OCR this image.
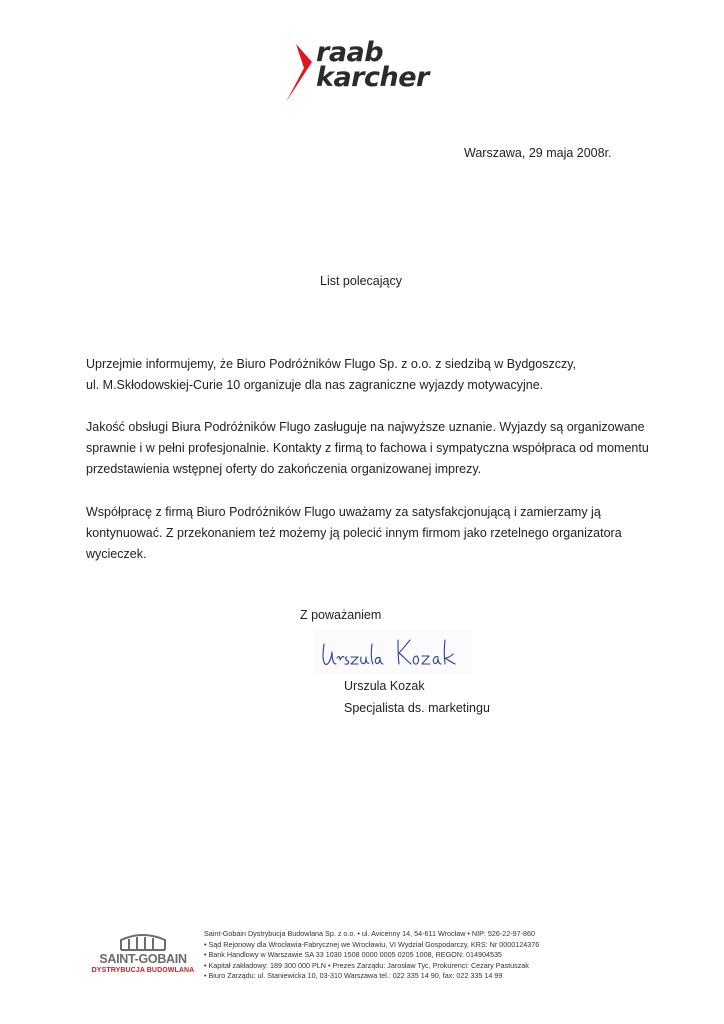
raab
karcher
Warszawa, 29 maja 2008r.
List polecający

Uprzejmie informujemy, że Biuro Podróżników Flugo Sp. z o.o. z siedzibą w Bydgoszczy,
ul. M.Skłodowskiej-Curie 10 organizuje dla nas zagraniczne wyjazdy motywacyjne.

Jakość obsługi Biura Podróżników Flugo zasługuje na najwyższe uznanie. Wyjazdy są organizowane
sprawnie i w pełni profesjonalnie. Kontakty z firmą to fachowa i sympatyczna współpraca od momentu
przedstawienia wstępnej oferty do zakończenia organizowanej imprezy.

Współpracę z firmą Biuro Podróżników Flugo uważamy za satysfakcjonującą i zamierzamy ją
kontynuować. Z przekonaniem też możemy ją polecić innym firmom jako rzetelnego organizatora
wycieczek.

Z poważaniem
Urszula Kozak
Specjalista ds. marketingu
SAINT-GOBAIN
DYSTRYBUCJA BUDOWLANA
Saint-Gobain Dystrybucja Budowlana Sp. z o.o. • ul. Avicenny 14, 54-611 Wrocław • NIP: 526-22-97-860
• Sąd Rejonowy dla Wrocławia-Fabrycznej we Wrocławiu, VI Wydział Gospodarczy, KRS: Nr 0000124376
• Bank Handlowy w Warszawie SA 33 1030 1508 0000 0005 0205 1008, REGON: 014904535
• Kapitał zakładowy: 189 300 000 PLN • Prezes Zarządu: Jarosław Tyc, Prokurenci: Cezary Pastuszak
• Biuro Zarządu: ul. Staniewicka 10, 03-310 Warszawa tel.: 022 335 14 90, fax: 022 335 14 99
